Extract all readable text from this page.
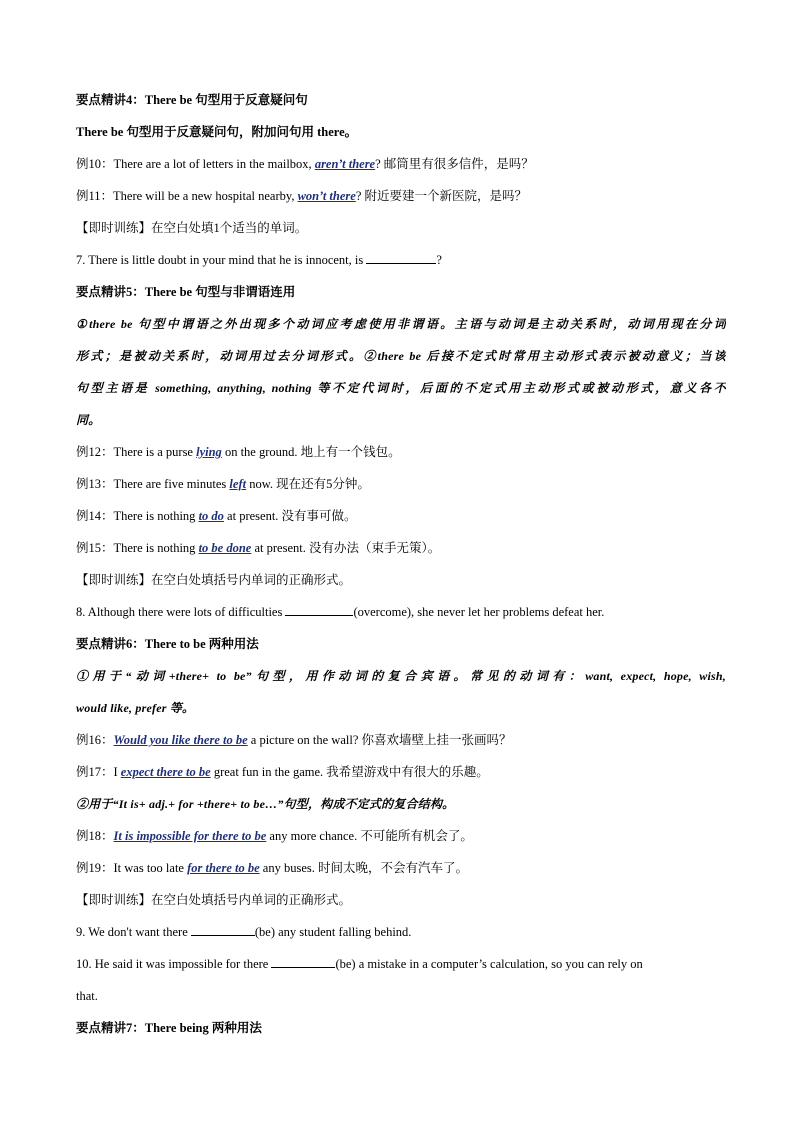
要点精讲4：There be 句型用于反意疑问句
There be 句型用于反意疑问句，附加问句用 there。
例10：There are a lot of letters in the mailbox, aren’t there? 邮筒里有很多信件，是吗？
例11：There will be a new hospital nearby, won’t there? 附近要建一个新医院，是吗？
【即时训练】在空白处填1个适当的单词。
7. There is little doubt in your mind that he is innocent, is	?
要点精讲5：There be 句型与非谓语连用
①there be 句型中谓语之外出现多个动词应考虑使用非谓语。主语与动词是主动关系时，动词用现在分词
形式；是被动关系时，动词用过去分词形式。②there be 后接不定式时常用主动形式表示被动意义；当该
句型主语是 something, anything, nothing 等不定代词时，后面的不定式用主动形式或被动形式，意义各不
同。
例12：There is a purse lying on the ground. 地上有一个钱包。
例13：There are five minutes left now. 现在还有5分钟。
例14：There is nothing to do at present. 没有事可做。
例15：There is nothing to be done at present. 没有办法（束手无策）。
【即时训练】在空白处填括号内单词的正确形式。
8. Although there were lots of difficulties	(overcome), she never let her problems defeat her.
要点精讲6：There to be 两种用法
①用于“动词+there+ to be”句型，用作动词的复合宾语。常见的动词有：want, expect, hope, wish,
would like, prefer 等。
例16：Would you like there to be a picture on the wall? 你喜欢墙壁上挂一张画吗？
例17：I expect there to be great fun in the game. 我希望游戏中有很大的乐趣。
②用于“It is+ adj.+ for +there+ to be…”句型，构成不定式的复合结构。
例18：It is impossible for there to be any more chance. 不可能所有机会了。
例19：It was too late for there to be any buses. 时间太晚，不会有汽车了。
【即时训练】在空白处填括号内单词的正确形式。
9. We don't want there	(be) any student falling behind.
10. He said it was impossible for there	(be) a mistake in a computer’s calculation, so you can rely on
that.
要点精讲7：There being 两种用法
